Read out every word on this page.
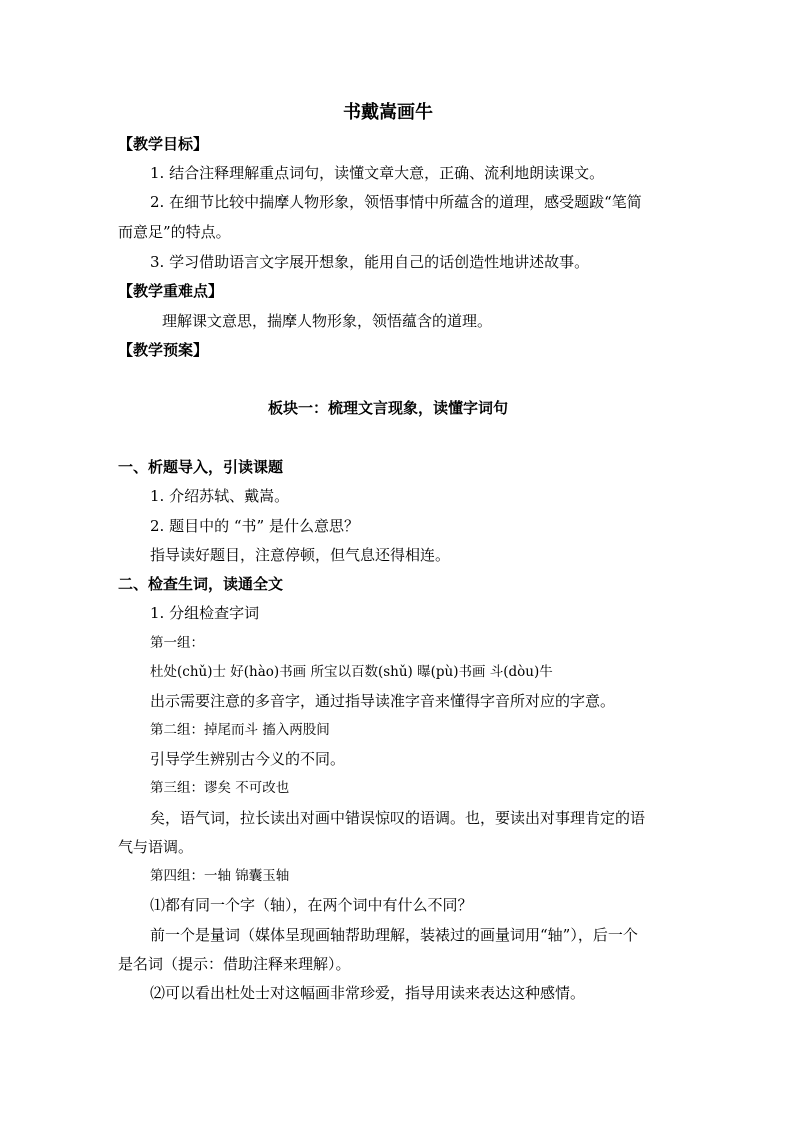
书戴嵩画牛
【教学目标】
1. 结合注释理解重点词句，读懂文章大意，正确、流利地朗读课文。
2. 在细节比较中揣摩人物形象，领悟事情中所蕴含的道理，感受题跋“笔简
而意足”的特点。
3. 学习借助语言文字展开想象，能用自己的话创造性地讲述故事。
【教学重难点】
理解课文意思，揣摩人物形象，领悟蕴含的道理。
【教学预案】
板块一：梳理文言现象，读懂字词句
一、析题导入，引读课题
1. 介绍苏轼、戴嵩。
2. 题目中的 “书” 是什么意思？
指导读好题目，注意停顿，但气息还得相连。
二、检查生词，读通全文
1. 分组检查字词
第一组：
杜处(chǔ)士 好(hào)书画 所宝以百数(shǔ) 曝(pù)书画 斗(dòu)牛
出示需要注意的多音字，通过指导读准字音来懂得字音所对应的字意。
第二组：掉尾而斗 搐入两股间
引导学生辨别古今义的不同。
第三组：谬矣 不可改也
矣，语气词，拉长读出对画中错误惊叹的语调。也，要读出对事理肯定的语
气与语调。
第四组：一轴 锦囊玉轴
⑴都有同一个字（轴），在两个词中有什么不同？
前一个是量词（媒体呈现画轴帮助理解，装裱过的画量词用“轴”），后一个
是名词（提示：借助注释来理解）。
⑵可以看出杜处士对这幅画非常珍爱，指导用读来表达这种感情。
